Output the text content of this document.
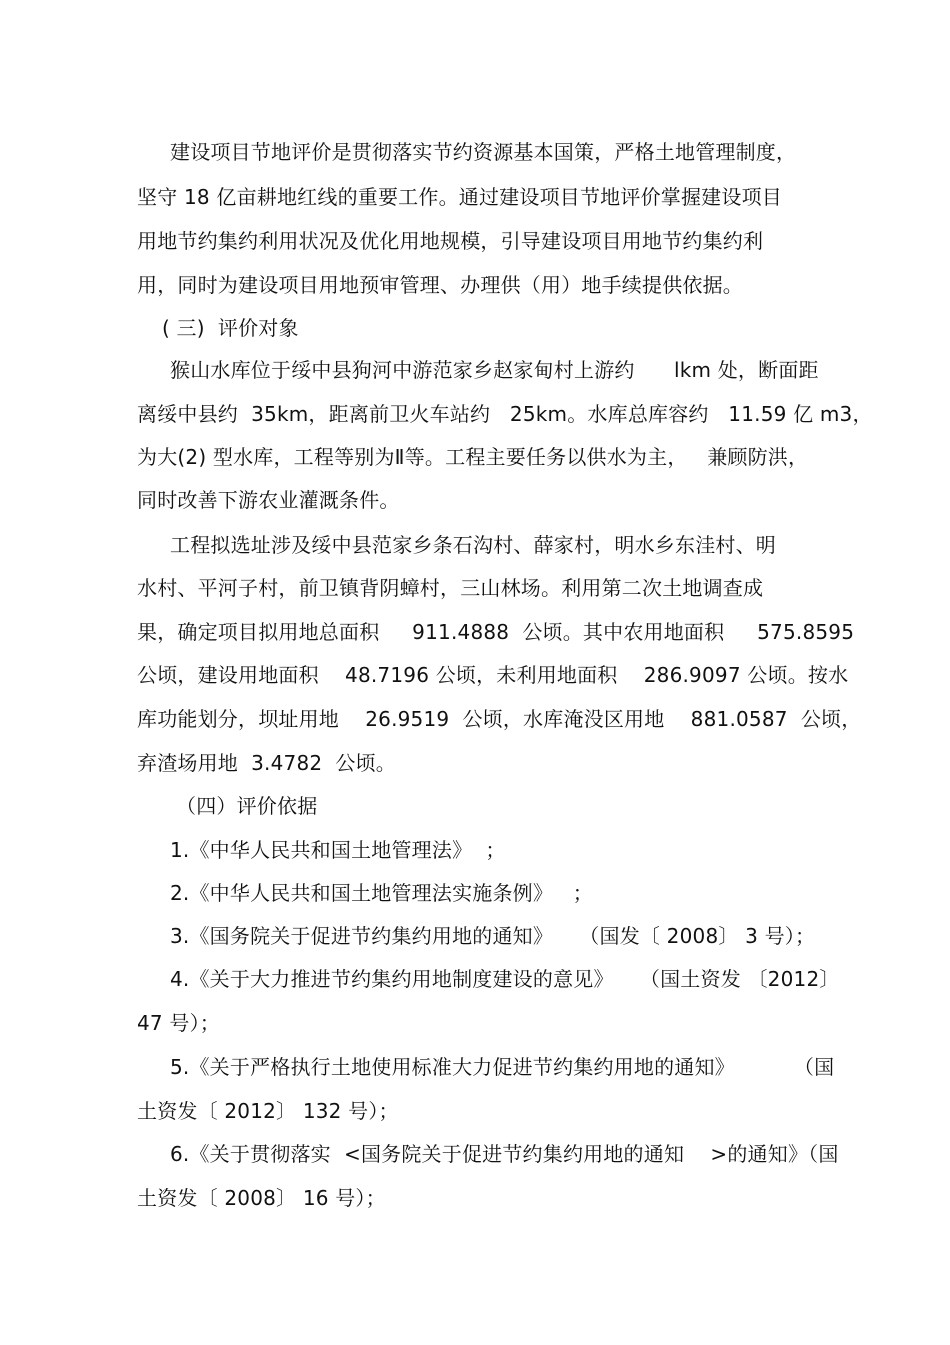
建设项目节地评价是贯彻落实节约资源基本国策，严格土地管理制度，
坚守 18 亿亩耕地红线的重要工作。通过建设项目节地评价掌握建设项目
用地节约集约利用状况及优化用地规模，引导建设项目用地节约集约利
用，同时为建设项目用地预审管理、办理供（用）地手续提供依据。
( 三)  评价对象
猴山水库位于绥中县狗河中游范家乡赵家甸村上游约      lkm 处，断面距
离绥中县约  35km，距离前卫火车站约   25km。水库总库容约   11.59 亿 m3，
为大(2) 型水库，工程等别为Ⅱ等。工程主要任务以供水为主，   兼顾防洪，
同时改善下游农业灌溉条件。
工程拟选址涉及绥中县范家乡条石沟村、薛家村，明水乡东洼村、明
水村、平河子村，前卫镇背阴蟑村，三山林场。利用第二次土地调查成
果，确定项目拟用地总面积     911.4888  公顷。其中农用地面积     575.8595
公顷，建设用地面积    48.7196 公顷，未利用地面积    286.9097 公顷。按水
库功能划分，坝址用地    26.9519  公顷，水库淹没区用地    881.0587  公顷，
弃渣场用地  3.4782  公顷。
（四）评价依据
1.《中华人民共和国土地管理法》  ；
2.《中华人民共和国土地管理法实施条例》   ；
3.《国务院关于促进节约集约用地的通知》    （国发〔 2008〕 3 号）；
4.《关于大力推进节约集约用地制度建设的意见》    （国土资发 〔2012〕
47 号）；
5.《关于严格执行土地使用标准大力促进节约集约用地的通知》         （国
土资发〔 2012〕 132 号）；
6.《关于贯彻落实  <国务院关于促进节约集约用地的通知    >的通知》（国
土资发〔 2008〕 16 号）；
